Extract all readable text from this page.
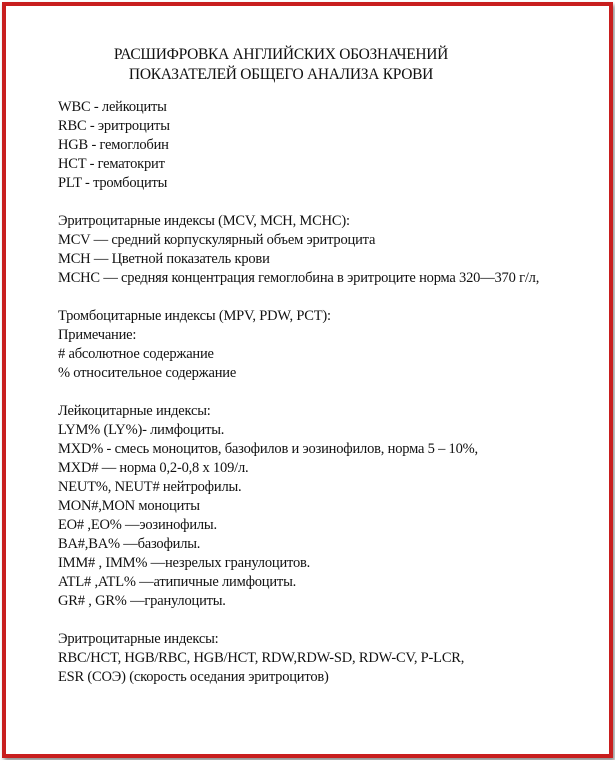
РАСШИФРОВКА АНГЛИЙСКИХ ОБОЗНАЧЕНИЙ
ПОКАЗАТЕЛЕЙ ОБЩЕГО АНАЛИЗА КРОВИ
WBC - лейкоциты
RBC - эритроциты
HGB - гемоглобин
HCT - гематокрит
PLT - тромбоциты
Эритроцитарные индексы (MCV, MCH, MCHC):
MCV — средний корпускулярный объем эритроцита
MCH — Цветной показатель крови
MCHC — средняя концентрация гемоглобина в эритроците норма 320—370 г/л,
Тромбоцитарные индексы (MPV, PDW, PCT):
Примечание:
# абсолютное содержание
% относительное содержание
Лейкоцитарные индексы:
LYM% (LY%)- лимфоциты.
MXD% - смесь моноцитов, базофилов и эозинофилов, норма 5 – 10%,
MXD# — норма 0,2-0,8 х 109/л.
NEUT%, NEUT# нейтрофилы.
MON#,MON моноциты
EO# ,EO% —эозинофилы.
BA#,BA% —базофилы.
IMM# , IMM% —незрелых гранулоцитов.
ATL# ,ATL% —атипичные лимфоциты.
GR# , GR% —гранулоциты.
Эритроцитарные индексы:
RBC/HCT, HGB/RBC, HGB/HCT, RDW,RDW-SD, RDW-CV, P-LCR,
ESR (СОЭ) (скорость оседания эритроцитов)
